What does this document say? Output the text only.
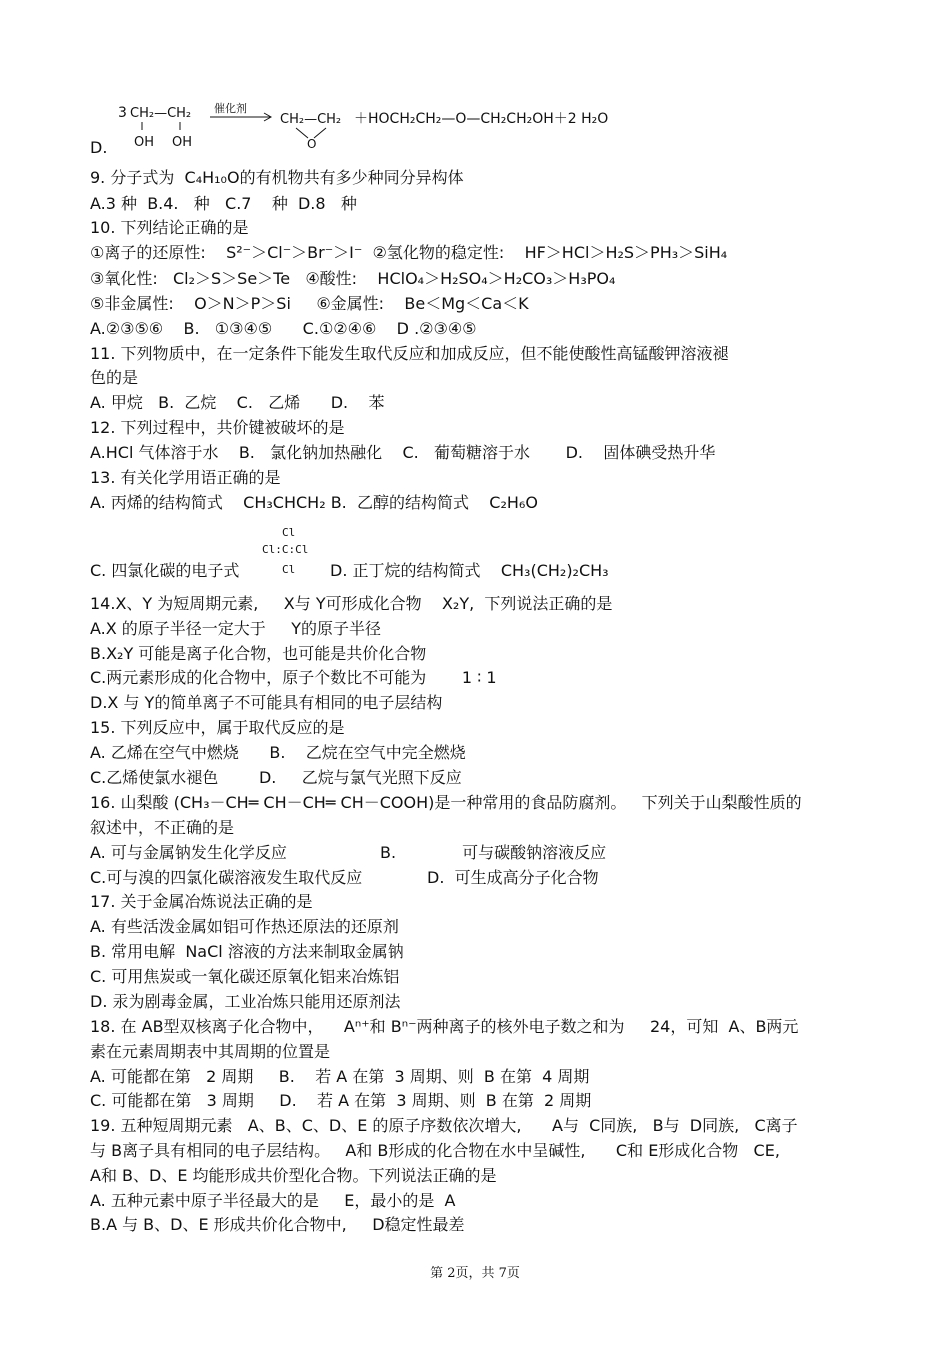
D.
3 CH₂—CH₂
OH OH
催化剂
CH₂—CH₂
O
＋HOCH₂CH₂—O—CH₂CH₂OH＋2 H₂O
9. 分子式为  C₄H₁₀O的有机物共有多少种同分异构体
A.3 种  B.4.   种   C.7    种  D.8   种
10. 下列结论正确的是
①离子的还原性:    S²⁻＞Cl⁻＞Br⁻＞I⁻  ②氢化物的稳定性:    HF＞HCl＞H₂S＞PH₃＞SiH₄
③氧化性:   Cl₂＞S＞Se＞Te   ④酸性:    HClO₄＞H₂SO₄＞H₂CO₃＞H₃PO₄
⑤非金属性:    O＞N＞P＞Si     ⑥金属性:    Be＜Mg＜Ca＜K
A.②③⑤⑥    B.   ①③④⑤      C.①②④⑥    D .②③④⑤
11. 下列物质中，在一定条件下能发生取代反应和加成反应，但不能使酸性高锰酸钾溶液褪
色的是
A. 甲烷   B.  乙烷    C.   乙烯      D.    苯
12. 下列过程中，共价键被破坏的是
A.HCl 气体溶于水    B.   氯化钠加热融化    C.   葡萄糖溶于水       D.    固体碘受热升华
13. 有关化学用语正确的是
A. 丙烯的结构简式    CH₃CHCH₂ B.  乙醇的结构简式    C₂H₆O
Cl
Cl:C:Cl
Cl
C. 四氯化碳的电子式	D. 正丁烷的结构简式    CH₃(CH₂)₂CH₃
14.X、Y 为短周期元素,     X与 Y可形成化合物    X₂Y,  下列说法正确的是
A.X 的原子半径一定大于     Y的原子半径
B.X₂Y 可能是离子化合物，也可能是共价化合物
C.两元素形成的化合物中，原子个数比不可能为       1 ∶ 1
D.X 与 Y的简单离子不可能具有相同的电子层结构
15. 下列反应中，属于取代反应的是
A. 乙烯在空气中燃烧      B.    乙烷在空气中完全燃烧
C.乙烯使氯水褪色        D.     乙烷与氯气光照下反应
16. 山梨酸 (CH₃－CH═ CH－CH═ CH－COOH)是一种常用的食品防腐剂。   下列关于山梨酸性质的
叙述中，不正确的是
A. 可与金属钠发生化学反应	B.             可与碳酸钠溶液反应
C.可与溴的四氯化碳溶液发生取代反应	D.  可生成高分子化合物
17. 关于金属冶炼说法正确的是
A. 有些活泼金属如铝可作热还原法的还原剂
B. 常用电解  NaCl 溶液的方法来制取金属钠
C. 可用焦炭或一氧化碳还原氧化铝来冶炼铝
D. 汞为剧毒金属，工业冶炼只能用还原剂法
18. 在 AB型双核离子化合物中，    Aⁿ⁺和 Bⁿ⁻两种离子的核外电子数之和为     24，可知  A、B两元
素在元素周期表中其周期的位置是
A. 可能都在第   2 周期     B.    若 A 在第  3 周期、则  B 在第  4 周期
C. 可能都在第   3 周期     D.    若 A 在第  3 周期、则  B 在第  2 周期
19. 五种短周期元素   A、B、C、D、E 的原子序数依次增大,      A与  C同族,   B与  D同族,   C离子
与 B离子具有相同的电子层结构。   A和 B形成的化合物在水中呈碱性,      C和 E形成化合物   CE,
A和 B、D、E 均能形成共价型化合物。下列说法正确的是
A. 五种元素中原子半径最大的是     E，最小的是  A
B.A 与 B、D、E 形成共价化合物中,     D稳定性最差
第 2页，共 7页
